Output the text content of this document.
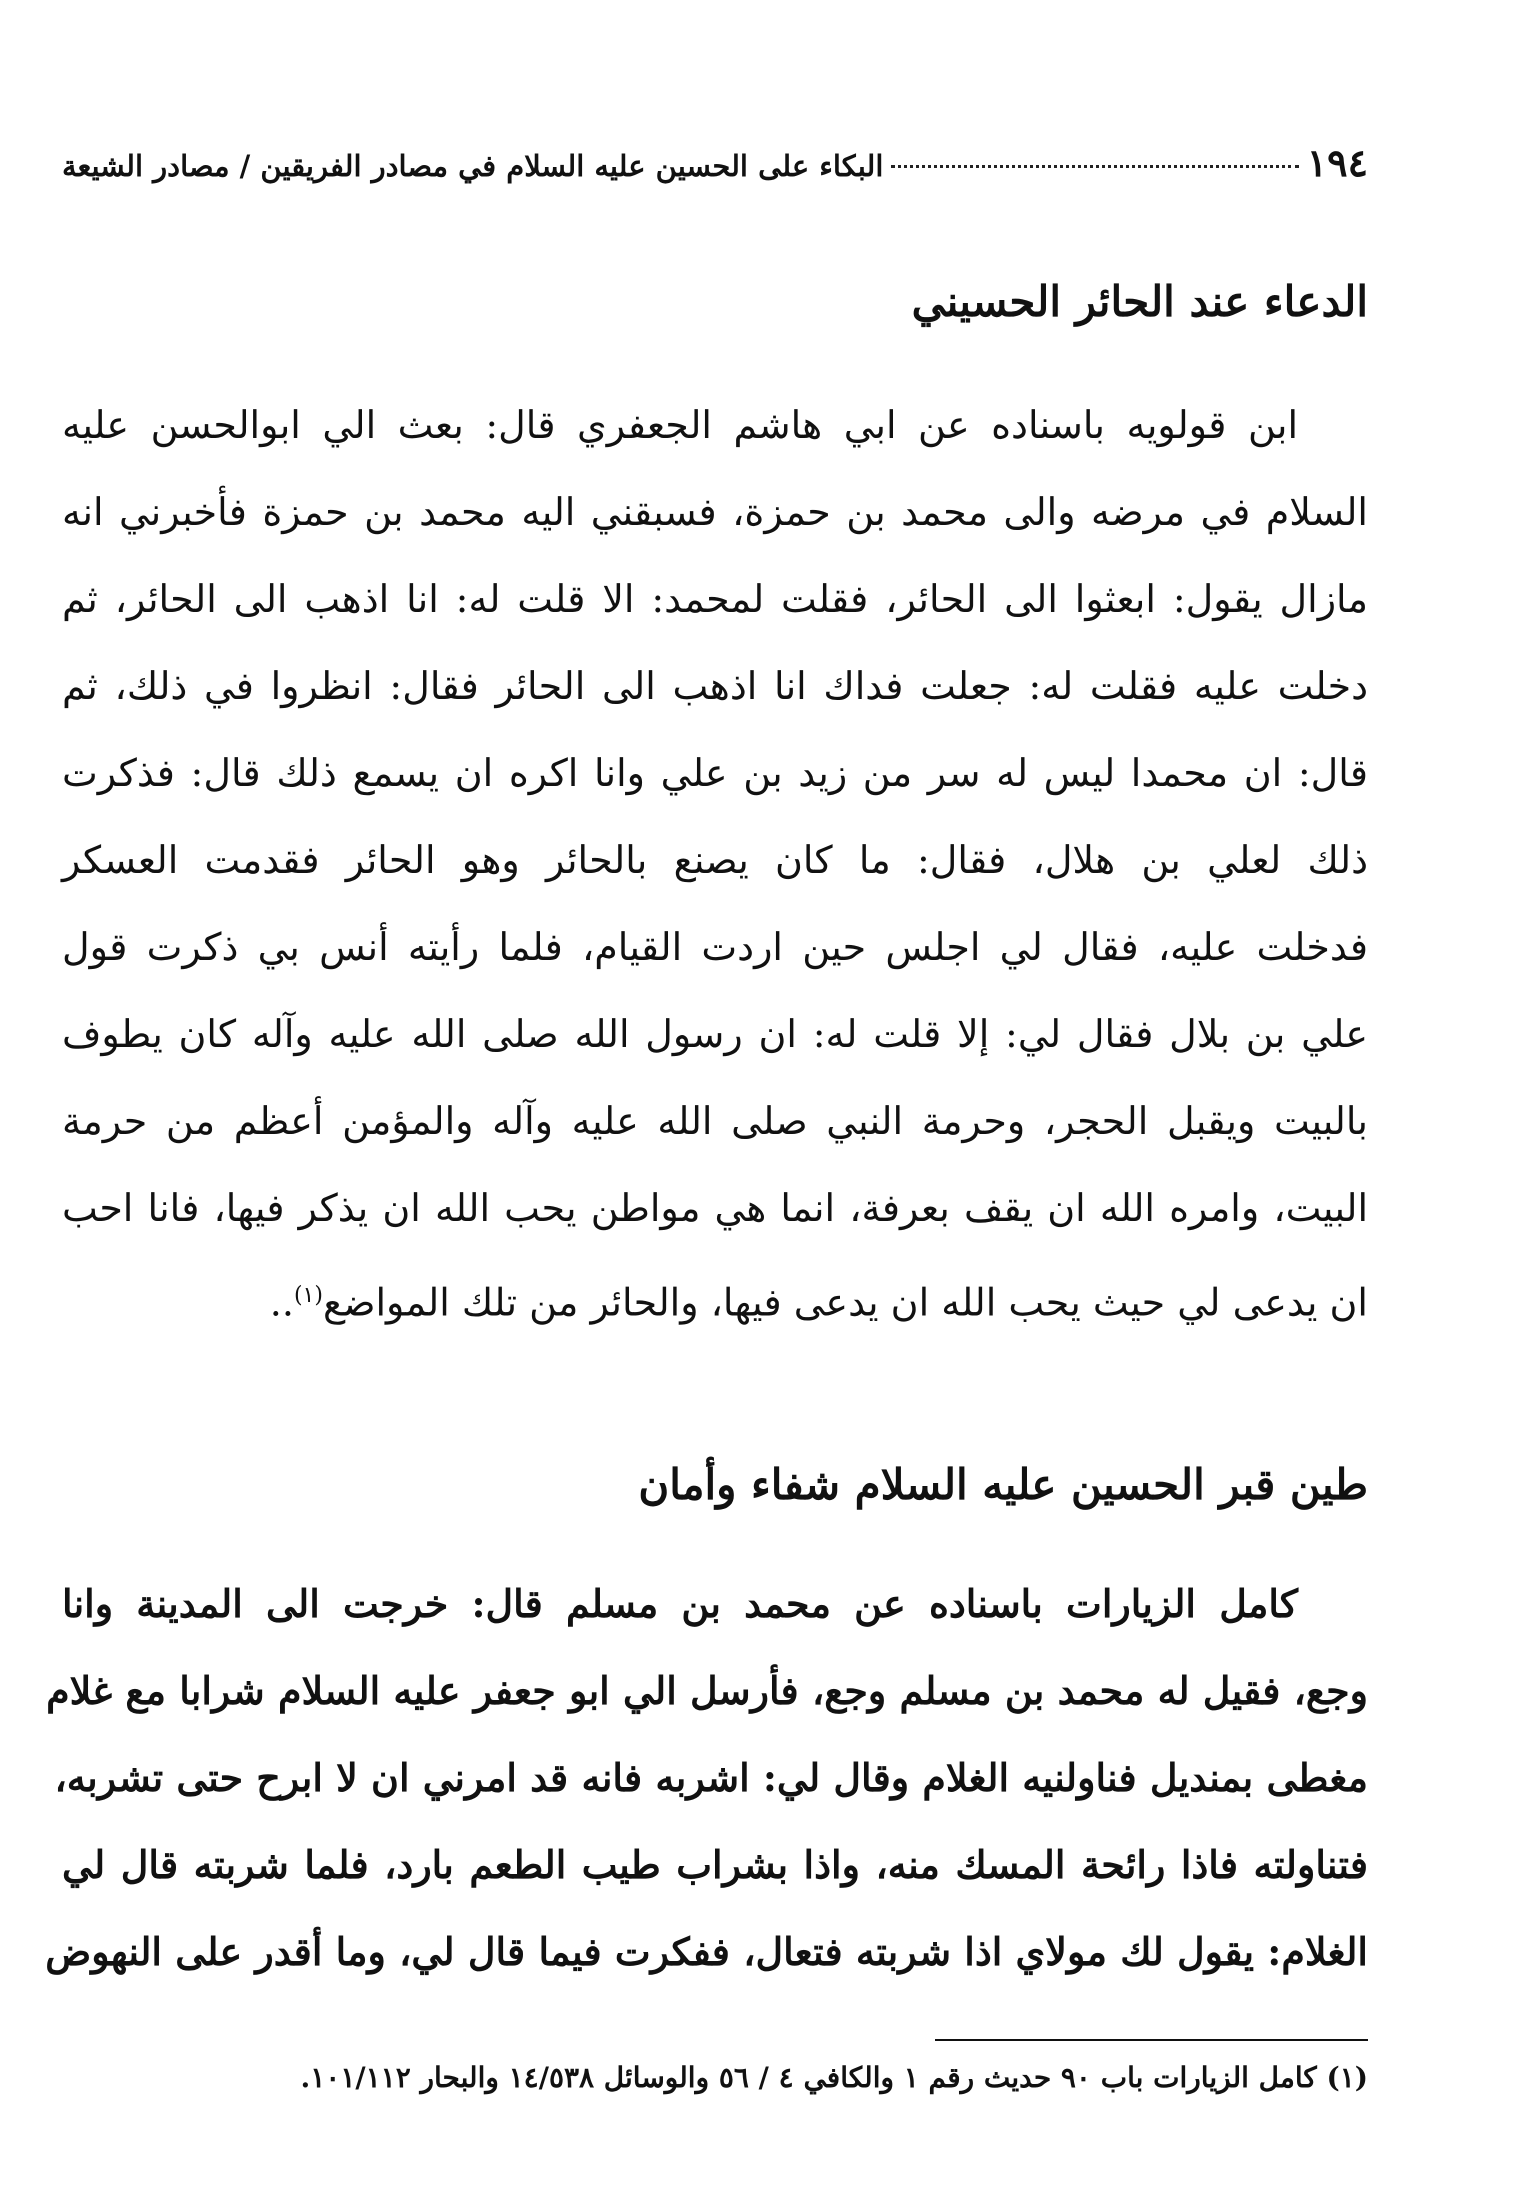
١٩٤
البكاء على الحسين عليه السلام في مصادر الفريقين / مصادر الشيعة
الدعاء عند الحائر الحسيني
ابن قولويه باسناده عن ابي هاشم الجعفري قال: بعث الي ابوالحسن عليه
السلام في مرضه والى محمد بن حمزة، فسبقني اليه محمد بن حمزة فأخبرني انه
مازال يقول: ابعثوا الى الحائر، فقلت لمحمد: الا قلت له: انا اذهب الى الحائر، ثم
دخلت عليه فقلت له: جعلت فداك انا اذهب الى الحائر فقال: انظروا في ذلك، ثم
قال: ان محمدا ليس له سر من زيد بن علي وانا اكره ان يسمع ذلك قال: فذكرت
ذلك لعلي بن هلال، فقال: ما كان يصنع بالحائر وهو الحائر فقدمت العسكر
فدخلت عليه، فقال لي اجلس حين اردت القيام، فلما رأيته أنس بي ذكرت قول
علي بن بلال فقال لي: إلا قلت له: ان رسول الله صلى الله عليه وآله كان يطوف
بالبيت ويقبل الحجر، وحرمة النبي صلى الله عليه وآله والمؤمن أعظم من حرمة
البيت، وامره الله ان يقف بعرفة، انما هي مواطن يحب الله ان يذكر فيها، فانا احب
ان يدعى لي حيث يحب الله ان يدعى فيها، والحائر من تلك المواضع$^{(١)}$..
طين قبر الحسين عليه السلام شفاء وأمان
كامل الزيارات باسناده عن محمد بن مسلم قال: خرجت الى المدينة وانا
وجع، فقيل له محمد بن مسلم وجع، فأرسل الي ابو جعفر عليه السلام شرابا مع غلام
مغطى بمنديل فناولنيه الغلام وقال لي: اشربه فانه قد امرني ان لا ابرح حتى تشربه،
فتناولته فاذا رائحة المسك منه، واذا بشراب طيب الطعم بارد، فلما شربته قال لي
الغلام: يقول لك مولاي اذا شربته فتعال، ففكرت فيما قال لي، وما أقدر على النهوض
(١) كامل الزيارات باب ٩٠ حديث رقم ١ والكافي ٤ / ٥٦ والوسائل ١٤/٥٣٨ والبحار ١٠١/١١٢.
